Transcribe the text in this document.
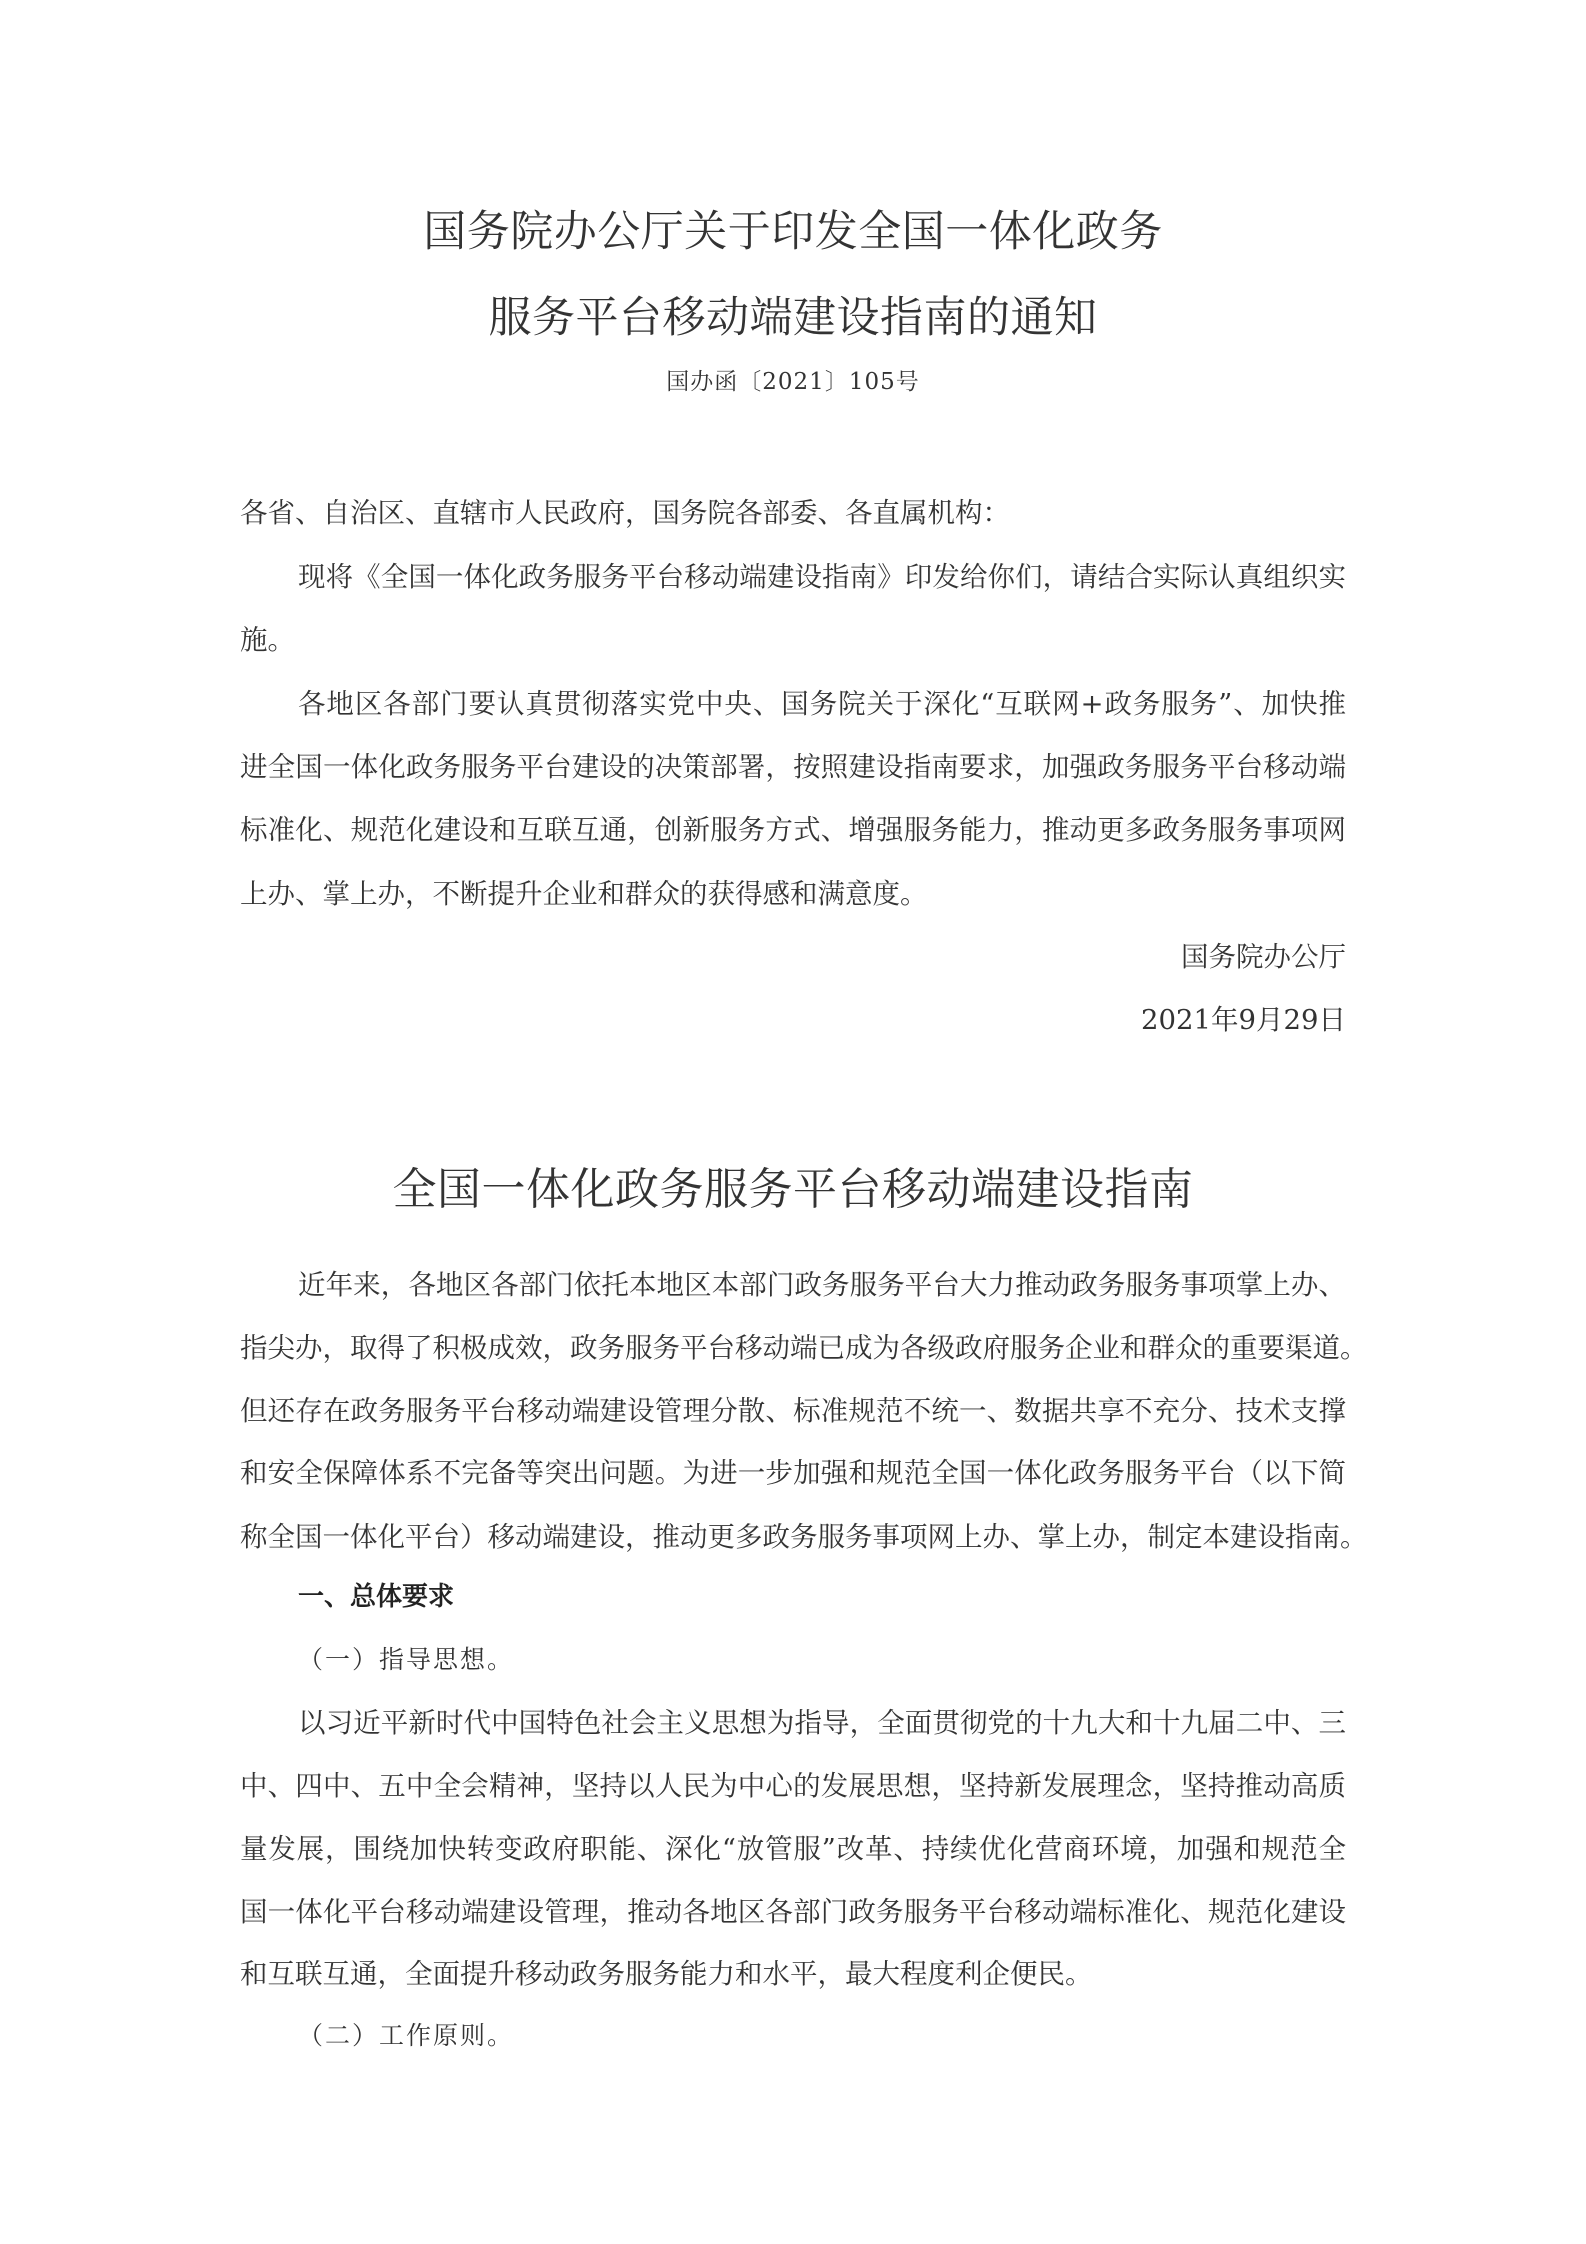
国务院办公厅关于印发全国一体化政务
服务平台移动端建设指南的通知
国办函〔2021〕105号
各省、自治区、直辖市人民政府，国务院各部委、各直属机构：
现将《全国一体化政务服务平台移动端建设指南》印发给你们，请结合实际认真组织实
施。
各地区各部门要认真贯彻落实党中央、国务院关于深化“互联网+政务服务”、加快推
进全国一体化政务服务平台建设的决策部署，按照建设指南要求，加强政务服务平台移动端
标准化、规范化建设和互联互通，创新服务方式、增强服务能力，推动更多政务服务事项网
上办、掌上办，不断提升企业和群众的获得感和满意度。
国务院办公厅
2021年9月29日
全国一体化政务服务平台移动端建设指南
近年来，各地区各部门依托本地区本部门政务服务平台大力推动政务服务事项掌上办、
指尖办，取得了积极成效，政务服务平台移动端已成为各级政府服务企业和群众的重要渠道。
但还存在政务服务平台移动端建设管理分散、标准规范不统一、数据共享不充分、技术支撑
和安全保障体系不完备等突出问题。为进一步加强和规范全国一体化政务服务平台（以下简
称全国一体化平台）移动端建设，推动更多政务服务事项网上办、掌上办，制定本建设指南。
一、总体要求
（一）指导思想。
以习近平新时代中国特色社会主义思想为指导，全面贯彻党的十九大和十九届二中、三
中、四中、五中全会精神，坚持以人民为中心的发展思想，坚持新发展理念，坚持推动高质
量发展，围绕加快转变政府职能、深化“放管服”改革、持续优化营商环境，加强和规范全
国一体化平台移动端建设管理，推动各地区各部门政务服务平台移动端标准化、规范化建设
和互联互通，全面提升移动政务服务能力和水平，最大程度利企便民。
（二）工作原则。
